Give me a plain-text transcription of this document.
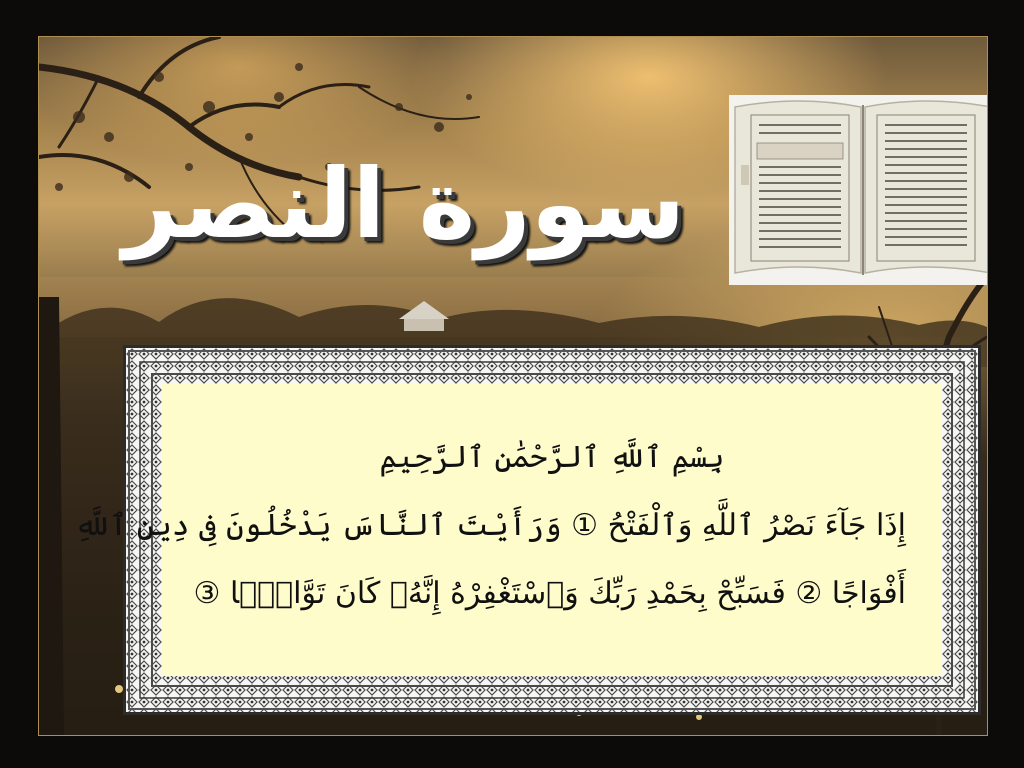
سورة النصر

بِسْمِ ٱللَّهِ ٱلرَّحْمَٰنِ ٱلرَّحِيمِ

إِذَا جَآءَ نَصْرُ ٱللَّهِ وَٱلْفَتْحُ ① وَرَأَيْتَ ٱلنَّاسَ يَدْخُلُونَ فِى دِينِ ٱللَّهِ

أَفْوَاجًا ② فَسَبِّحْ بِحَمْدِ رَبِّكَ وَٱسْتَغْفِرْهُ إِنَّهُۥ كَانَ تَوَّابًۢا ③
